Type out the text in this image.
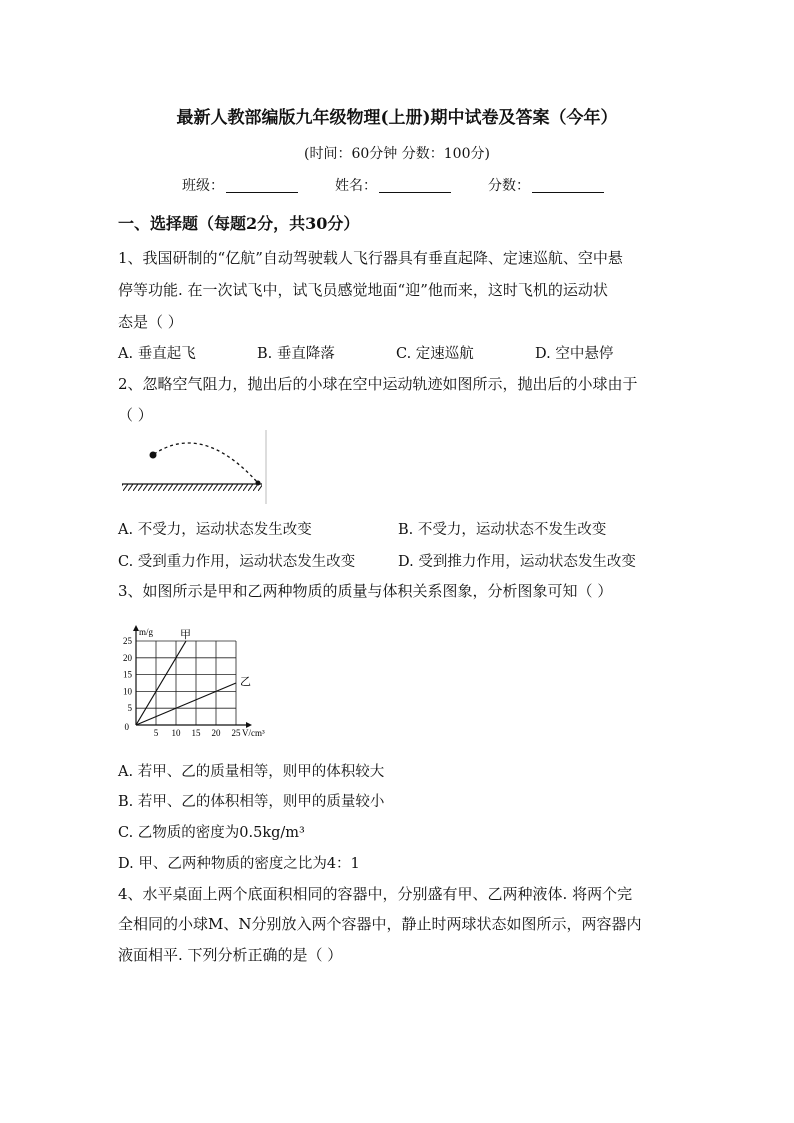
最新人教部编版九年级物理(上册)期中试卷及答案（今年）
(时间：60分钟 分数：100分)
班级：	姓名：	分数：
一、选择题（每题2分，共30分）
1、我国研制的“亿航”自动驾驶载人飞行器具有垂直起降、定速巡航、空中悬
停等功能. 在一次试飞中，试飞员感觉地面“迎”他而来，这时飞机的运动状
态是（ ）
A. 垂直起飞	B. 垂直降落	C. 定速巡航	D. 空中悬停
2、忽略空气阻力，抛出后的小球在空中运动轨迹如图所示，抛出后的小球由于
（ ）
A. 不受力，运动状态发生改变	B. 不受力，运动状态不发生改变
C. 受到重力作用，运动状态发生改变	D. 受到推力作用，运动状态发生改变
3、如图所示是甲和乙两种物质的质量与体积关系图象，分析图象可知（ ）
5 10 15 20 25
5
10
15
20
25
0
m/g
V/cm³
甲
乙
A. 若甲、乙的质量相等，则甲的体积较大
B. 若甲、乙的体积相等，则甲的质量较小
C. 乙物质的密度为0.5kg/m³
D. 甲、乙两种物质的密度之比为4：1
4、水平桌面上两个底面积相同的容器中，分别盛有甲、乙两种液体. 将两个完
全相同的小球M、N分别放入两个容器中，静止时两球状态如图所示，两容器内
液面相平. 下列分析正确的是（ ）
